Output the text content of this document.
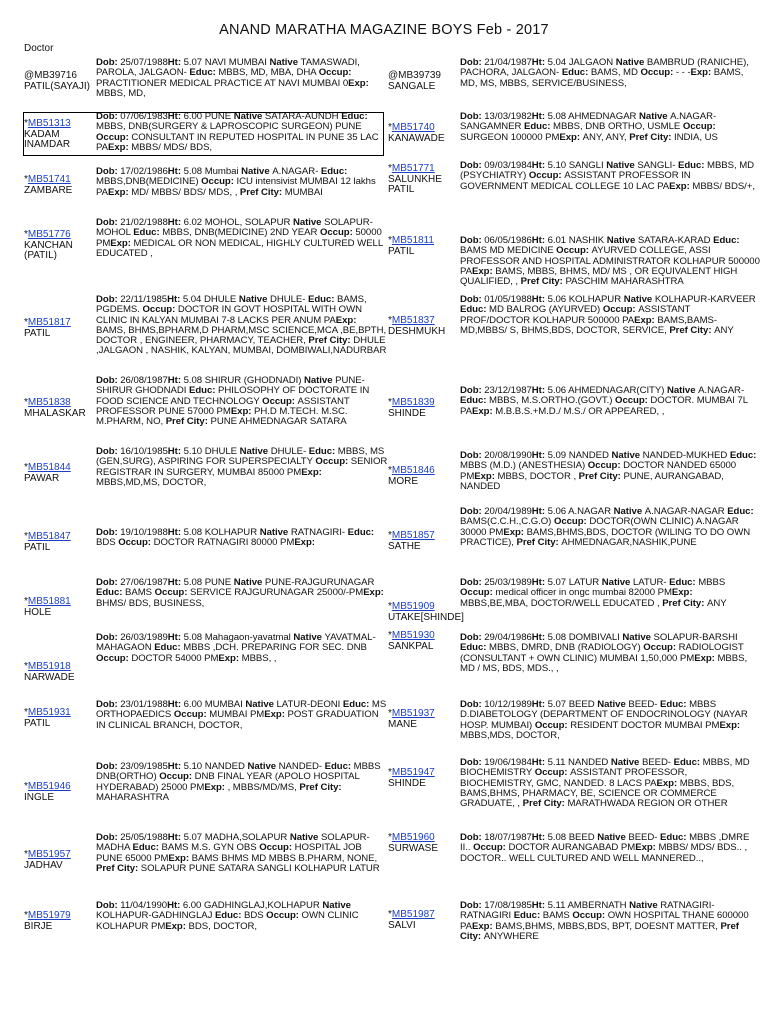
ANAND MARATHA MAGAZINE BOYS Feb - 2017
Doctor
@MB39716
PATIL(SAYAJI)
Dob: 25/07/1988Ht: 5.07 NAVI MUMBAI Native TAMASWADI, PAROLA, JALGAON- Educ: MBBS, MD, MBA, DHA Occup: PRACTITIONER MEDICAL PRACTICE AT NAVI MUMBAI 0Exp: MBBS, MD,
*MB51313
KADAM INAMDAR
Dob: 07/06/1983Ht: 6.00 PUNE Native SATARA-AUNDH Educ: MBBS, DNB(SURGERY & LAPROSCOPIC SURGEON) PUNE Occup: CONSULTANT IN REPUTED HOSPITAL IN PUNE 35 LAC PAExp: MBBS/ MDS/ BDS,
*MB51741
ZAMBARE
Dob: 17/02/1986Ht: 5.08 Mumbai Native A.NAGAR- Educ: MBBS,DNB(MEDICINE) Occup: ICU intensivist MUMBAI 12 lakhs PAExp: MD/ MBBS/ BDS/ MDS, , Pref City: MUMBAI
*MB51776
KANCHAN (PATIL)
Dob: 21/02/1988Ht: 6.02 MOHOL, SOLAPUR Native SOLAPUR-MOHOL Educ: MBBS, DNB(MEDICINE) 2ND YEAR Occup: 50000 PMExp: MEDICAL OR NON MEDICAL, HIGHLY CULTURED WELL EDUCATED ,
*MB51817
PATIL
Dob: 22/11/1985Ht: 5.04 DHULE Native DHULE- Educ: BAMS, PGDEMS. Occup: DOCTOR IN GOVT HOSPITAL WITH OWN CLINIC IN KALYAN MUMBAI 7-8 LACKS PER ANUM PAExp: BAMS, BHMS,BPHARM,D PHARM,MSC SCIENCE,MCA ,BE,BPTH, DOCTOR , ENGINEER, PHARMACY, TEACHER, Pref City: DHULE ,JALGAON , NASHIK, KALYAN, MUMBAI, DOMBIWALI,NADURBAR
*MB51838
MHALASKAR
Dob: 26/08/1987Ht: 5.08 SHIRUR (GHODNADI) Native PUNE-SHIRUR GHODNADI Educ: PHILOSOPHY OF DOCTORATE IN FOOD SCIENCE AND TECHNOLOGY Occup: ASSISTANT PROFESSOR PUNE 57000 PMExp: PH.D M.TECH. M.SC. M.PHARM, NO, Pref City: PUNE AHMEDNAGAR SATARA
*MB51844
PAWAR
Dob: 16/10/1985Ht: 5.10 DHULE Native DHULE- Educ: MBBS, MS (GEN,SURG), ASPIRING FOR SUPERSPECIALTY Occup: SENIOR REGISTRAR IN SURGERY, MUMBAI 85000 PMExp: MBBS,MD,MS, DOCTOR,
*MB51847
PATIL
Dob: 19/10/1988Ht: 5.08 KOLHAPUR Native RATNAGIRI- Educ: BDS Occup: DOCTOR RATNAGIRI 80000 PMExp:
*MB51881
HOLE
Dob: 27/06/1987Ht: 5.08 PUNE Native PUNE-RAJGURUNAGAR Educ: BAMS Occup: SERVICE RAJGURUNAGAR 25000/-PMExp: BHMS/ BDS, BUSINESS,
*MB51918
NARWADE
Dob: 26/03/1989Ht: 5.08 Mahagaon-yavatmal Native YAVATMAL-MAHAGAON Educ: MBBS ,DCH. PREPARING FOR SEC. DNB Occup: DOCTOR 54000 PMExp: MBBS, ,
*MB51931
PATIL
Dob: 23/01/1988Ht: 6.00 MUMBAI Native LATUR-DEONI Educ: MS ORTHOPAEDICS Occup: MUMBAI PMExp: POST GRADUATION IN CLINICAL BRANCH, DOCTOR,
*MB51946
INGLE
Dob: 23/09/1985Ht: 5.10 NANDED Native NANDED- Educ: MBBS DNB(ORTHO) Occup: DNB FINAL YEAR (APOLO HOSPITAL HYDERABAD) 25000 PMExp: , MBBS/MD/MS, Pref City: MAHARASHTRA
*MB51957
JADHAV
Dob: 25/05/1988Ht: 5.07 MADHA,SOLAPUR Native SOLAPUR-MADHA Educ: BAMS M.S. GYN OBS Occup: HOSPITAL JOB PUNE 65000 PMExp: BAMS BHMS MD MBBS B.PHARM, NONE, Pref City: SOLAPUR PUNE SATARA SANGLI KOLHAPUR LATUR
*MB51979
BIRJE
Dob: 11/04/1990Ht: 6.00 GADHINGLAJ,KOLHAPUR Native KOLHAPUR-GADHINGLAJ Educ: BDS Occup: OWN CLINIC KOLHAPUR PMExp: BDS, DOCTOR,
@MB39739
SANGALE
Dob: 21/04/1987Ht: 5.04 JALGAON Native BAMBRUD (RANICHE), PACHORA, JALGAON- Educ: BAMS, MD Occup: - - -Exp: BAMS, MD, MS, MBBS, SERVICE/BUSINESS,
*MB51740
KANAWADE
Dob: 13/03/1982Ht: 5.08 AHMEDNAGAR Native A.NAGAR-SANGAMNER Educ: MBBS, DNB ORTHO, USMLE Occup: SURGEON 100000 PMExp: ANY, ANY, Pref City: INDIA, US
*MB51771
SALUNKHE PATIL
Dob: 09/03/1984Ht: 5.10 SANGLI Native SANGLI- Educ: MBBS, MD (PSYCHIATRY) Occup: ASSISTANT PROFESSOR IN GOVERNMENT MEDICAL COLLEGE 10 LAC PAExp: MBBS/ BDS/+,
*MB51811
PATIL
Dob: 06/05/1986Ht: 6.01 NASHIK Native SATARA-KARAD Educ: BAMS MD MEDICINE Occup: AYURVED COLLEGE, ASSI PROFESSOR AND HOSPITAL ADMINISTRATOR KOLHAPUR 500000 PAExp: BAMS, MBBS, BHMS, MD/ MS , OR EQUIVALENT HIGH QUALIFIED, , Pref City: PASCHIM MAHARASHTRA
*MB51837
DESHMUKH
Dob: 01/05/1988Ht: 5.06 KOLHAPUR Native KOLHAPUR-KARVEER Educ: MD BALROG (AYURVED) Occup: ASSISTANT PROF/DOCTOR KOLHAPUR 500000 PAExp: BAMS,BAMS-MD,MBBS/ S, BHMS,BDS, DOCTOR, SERVICE, Pref City: ANY
*MB51839
SHINDE
Dob: 23/12/1987Ht: 5.06 AHMEDNAGAR(CITY) Native A.NAGAR- Educ: MBBS, M.S.ORTHO.(GOVT.) Occup: DOCTOR. MUMBAI 7L PAExp: M.B.B.S.+M.D./ M.S./ OR APPEARED, ,
*MB51846
MORE
Dob: 20/08/1990Ht: 5.09 NANDED Native NANDED-MUKHED Educ: MBBS (M.D.) (ANESTHESIA) Occup: DOCTOR NANDED 65000 PMExp: MBBS, DOCTOR , Pref City: PUNE, AURANGABAD, NANDED
*MB51857
SATHE
Dob: 20/04/1989Ht: 5.06 A.NAGAR Native A.NAGAR-NAGAR Educ: BAMS(C.C.H.,C.G.O) Occup: DOCTOR(OWN CLINIC) A.NAGAR 30000 PMExp: BAMS,BHMS,BDS, DOCTOR (WILING TO DO OWN PRACTICE), Pref City: AHMEDNAGAR,NASHIK,PUNE
*MB51909
UTAKE[SHINDE]
Dob: 25/03/1989Ht: 5.07 LATUR Native LATUR- Educ: MBBS Occup: medical officer in ongc mumbai 82000 PMExp: MBBS,BE,MBA, DOCTOR/WELL EDUCATED , Pref City: ANY
*MB51930
SANKPAL
Dob: 29/04/1986Ht: 5.08 DOMBIVALI Native SOLAPUR-BARSHI Educ: MBBS, DMRD, DNB (RADIOLOGY) Occup: RADIOLOGIST (CONSULTANT + OWN CLINIC) MUMBAI 1,50,000 PMExp: MBBS, MD / MS, BDS, MDS., ,
*MB51937
MANE
Dob: 10/12/1989Ht: 5.07 BEED Native BEED- Educ: MBBS D.DIABETOLOGY (DEPARTMENT OF ENDOCRINOLOGY (NAYAR HOSP. MUMBAI) Occup: RESIDENT DOCTOR MUMBAI PMExp: MBBS,MDS, DOCTOR,
*MB51947
SHINDE
Dob: 19/06/1984Ht: 5.11 NANDED Native BEED- Educ: MBBS, MD BIOCHEMISTRY Occup: ASSISTANT PROFESSOR, BIOCHEMISTRY, GMC, NANDED. 8 LACS PAExp: MBBS, BDS, BAMS,BHMS, PHARMACY, BE, SCIENCE OR COMMERCE GRADUATE, , Pref City: MARATHWADA REGION OR OTHER
*MB51960
SURWASE
Dob: 18/07/1987Ht: 5.08 BEED Native BEED- Educ: MBBS ,DMRE II.. Occup: DOCTOR AURANGABAD PMExp: MBBS/ MDS/ BDS.. , DOCTOR.. WELL CULTURED AND WELL MANNERED..,
*MB51987
SALVI
Dob: 17/08/1985Ht: 5.11 AMBERNATH Native RATNAGIRI-RATNAGIRI Educ: BAMS Occup: OWN HOSPITAL THANE 600000 PAExp: BAMS,BHMS, MBBS,BDS, BPT, DOESNT MATTER, Pref City: ANYWHERE
